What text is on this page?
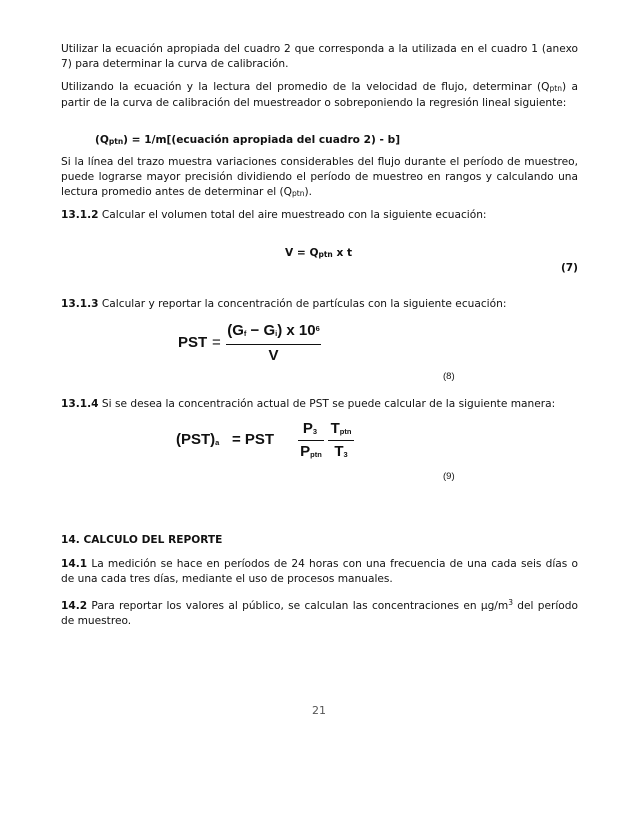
Utilizar la ecuación apropiada del cuadro 2 que corresponda a la utilizada en el cuadro 1 (anexo 7) para determinar la curva de calibración.

Utilizando la ecuación y la lectura del promedio de la velocidad de flujo, determinar $(Q_{ptn})$ a partir de la curva de calibración del muestreador o sobreponiendo la regresión lineal siguiente:

$(Q_{ptn})$ = 1/m[(ecuación apropiada del cuadro 2) - b]

Si la línea del trazo muestra variaciones considerables del flujo durante el período de muestreo, puede lograrse mayor precisión dividiendo el período de muestreo en rangos y calculando una lectura promedio antes de determinar el $(Q_{ptn})$.

13.1.2 Calcular el volumen total del aire muestreado con la siguiente ecuación:

$V = Q_{ptn}$ x t
(7)

13.1.3 Calcular y reportar la concentración de partículas con la siguiente ecuación:

PST =
$(G_f - G_i)$ x $10^6$
V
(8)

13.1.4 Si se desea la concentración actual de PST se puede calcular de la siguiente manera:

$(PST)_a$ = PST
$P_3$
$P_{ptn}$
$T_{ptn}$
$T_3$
(9)
14. CALCULO DEL REPORTE

14.1 La medición se hace en períodos de 24 horas con una frecuencia de una cada seis días o de una cada tres días, mediante el uso de procesos manuales.

14.2 Para reportar los valores al público, se calculan las concentraciones en $\mu g/m^3$ del período de muestreo.

21
